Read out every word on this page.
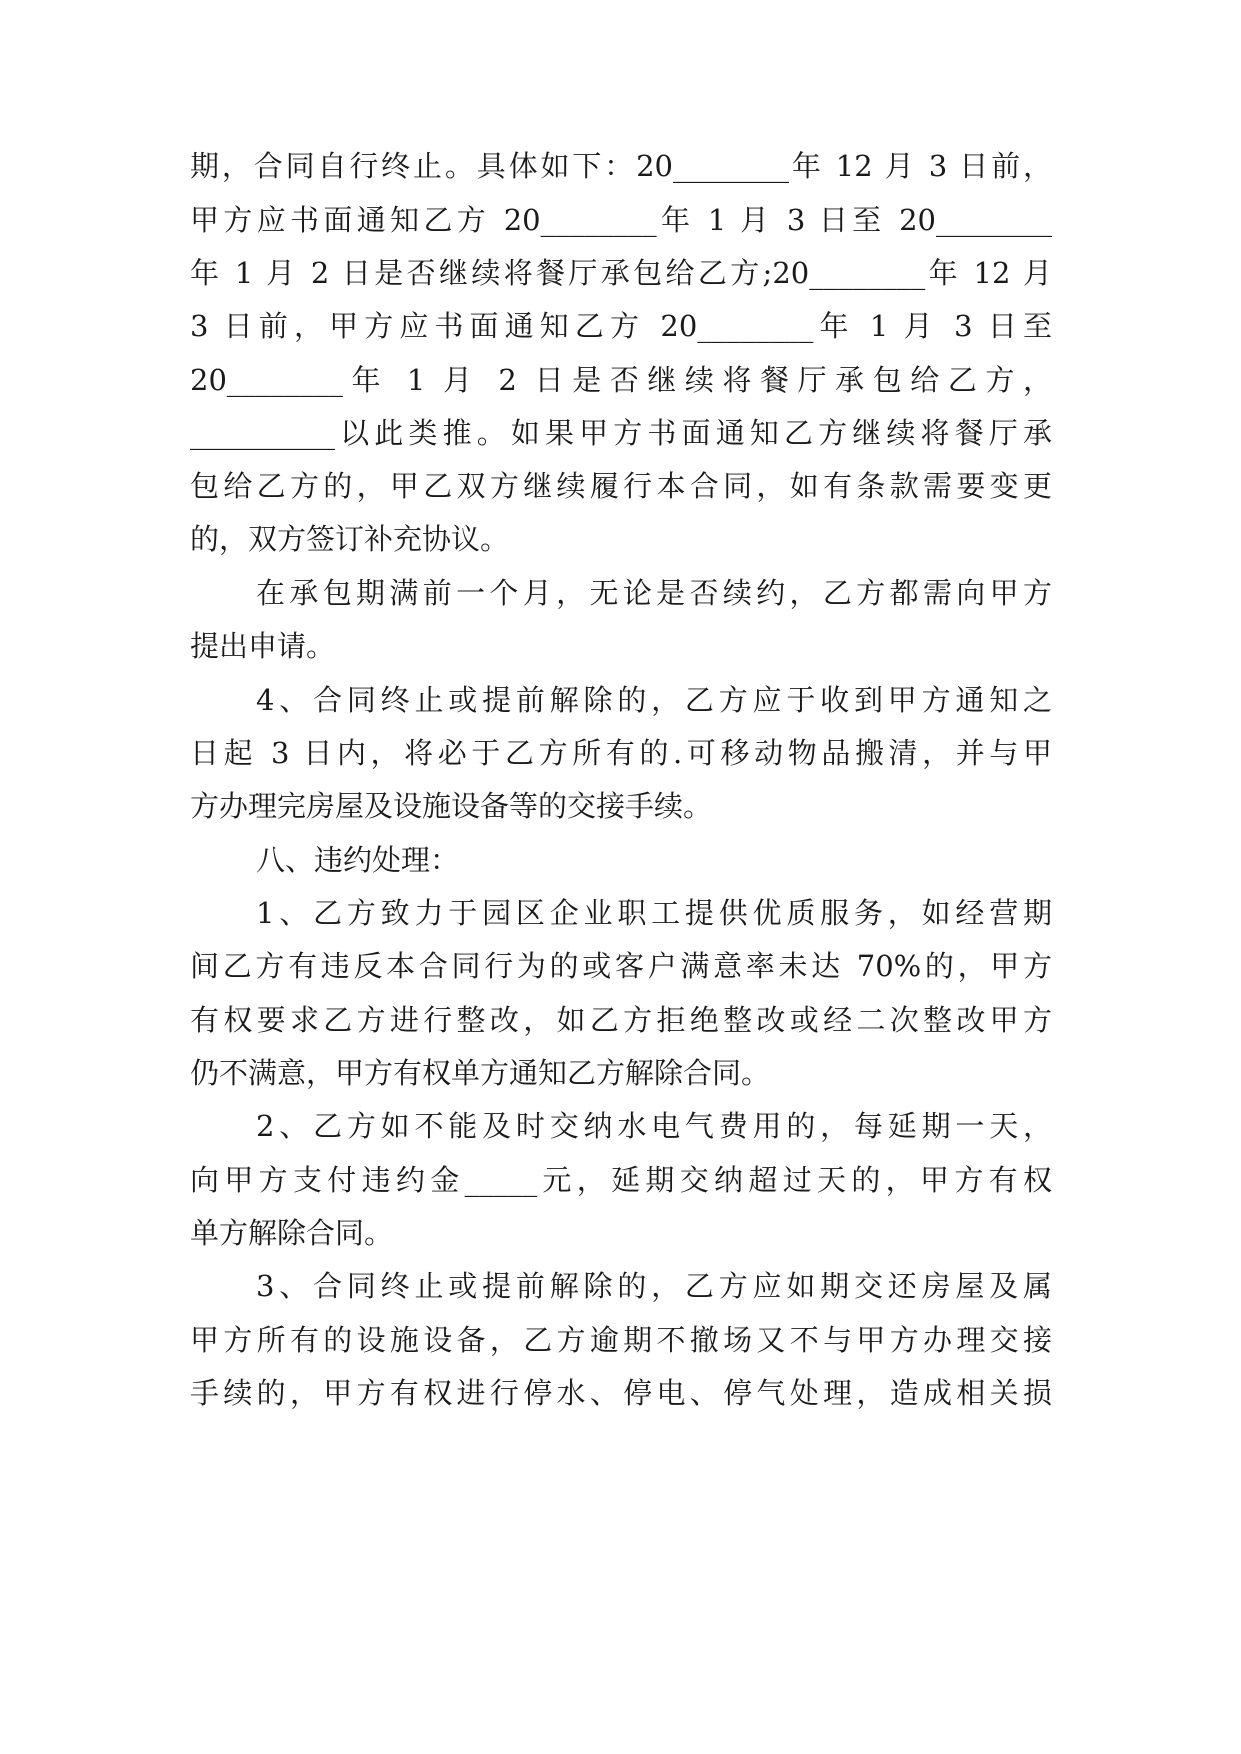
期，合同自行终止。具体如下：20________年 12 月 3 日前，
甲方应书面通知乙方 20________年 1 月 3 日至 20________
年 1 月 2 日是否继续将餐厅承包给乙方;20________年 12 月
3 日前，甲方应书面通知乙方 20________年 1 月 3 日至
20________年 1 月 2 日是否继续将餐厅承包给乙方，
__________以此类推。如果甲方书面通知乙方继续将餐厅承
包给乙方的，甲乙双方继续履行本合同，如有条款需要变更
的，双方签订补充协议。
在承包期满前一个月，无论是否续约，乙方都需向甲方
提出申请。
4、合同终止或提前解除的，乙方应于收到甲方通知之
日起 3 日内，将必于乙方所有的.可移动物品搬清，并与甲
方办理完房屋及设施设备等的交接手续。
八、违约处理：
1、乙方致力于园区企业职工提供优质服务，如经营期
间乙方有违反本合同行为的或客户满意率未达 70%的，甲方
有权要求乙方进行整改，如乙方拒绝整改或经二次整改甲方
仍不满意，甲方有权单方通知乙方解除合同。
2、乙方如不能及时交纳水电气费用的，每延期一天，
向甲方支付违约金_____元，延期交纳超过天的，甲方有权
单方解除合同。
3、合同终止或提前解除的，乙方应如期交还房屋及属
甲方所有的设施设备，乙方逾期不撤场又不与甲方办理交接
手续的，甲方有权进行停水、停电、停气处理，造成相关损
